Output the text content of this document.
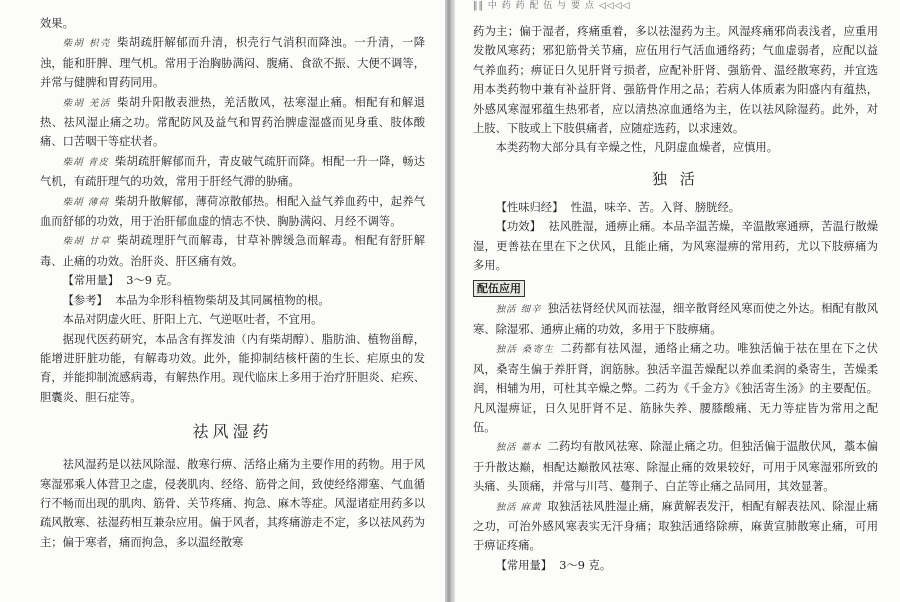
效果。

柴胡 枳壳 柴胡疏肝解郁而升清，枳壳行气消积而降浊。一升清，一降浊，能和肝脾、理气机。常用于治胸胁满闷、腹痛、食欲不振、大便不调等，并常与健脾和胃药同用。

柴胡 羌活 柴胡升阳散表泄热，羌活散风，祛寒湿止痛。相配有和解退热、祛风湿止痛之功。常配防风及益气和胃药治脾虚湿盛而见身重、肢体酸痛、口苦咽干等症状者。

柴胡 青皮 柴胡疏肝解郁而升，青皮破气疏肝而降。相配一升一降，畅达气机，有疏肝理气的功效，常用于肝经气滞的胁痛。

柴胡 薄荷 柴胡升散解郁，薄荷凉散郁热。相配入益气养血药中，起养气血而舒郁的功效，用于治肝郁血虚的情志不快、胸胁满闷、月经不调等。

柴胡 甘草 柴胡疏理肝气而解毒，甘草补脾缓急而解毒。相配有舒肝解毒、止痛的功效。治肝炎、肝区痛有效。

【常用量】 3～9 克。

【参考】 本品为伞形科植物柴胡及其同属植物的根。

本品对阴虚火旺、肝阳上亢、气逆呕吐者，不宜用。

据现代医药研究，本品含有挥发油（内有柴胡醇）、脂肪油、植物甾醇，能增进肝脏功能，有解毒功效。此外，能抑制结核杆菌的生长、疟原虫的发育，并能抑制流感病毒，有解热作用。现代临床上多用于治疗肝胆炎、疟疾、胆囊炎、胆石症等。

祛风湿药

祛风湿药是以祛风除湿、散寒行痹、活络止痛为主要作用的药物。用于风寒湿邪乘人体营卫之虚，侵袭肌肉、经络、筋骨之间，致使经络滞塞、气血循行不畅而出现的肌肉、筋骨、关节疼痛、拘急、麻木等症。风湿诸症用药多以疏风散寒、祛湿药相互兼杂应用。偏于风者，其疼痛游走不定，多以祛风药为主；偏于寒者，痛而拘急，多以温经散寒

‖‖ 中 药 药 配 伍 与 要 点 ◁◁◁◁

药为主；偏于湿者，疼痛重着，多以祛湿药为主。风湿疼痛邪尚表浅者，应重用发散风寒药；邪犯筋骨关节痛，应伍用行气活血通络药；气血虚弱者，应配以益气养血药；痹证日久见肝肾亏损者，应配补肝肾、强筋骨、温经散寒药，并宜选用本类药物中兼有补益肝肾、强筋骨作用之品；若病人体质素为阳盛内有蕴热，外感风寒湿邪蕴生热邪者，应以清热凉血通络为主，佐以祛风除湿药。此外，对上肢、下肢或上下肢俱痛者，应随症选药，以求速效。

本类药物大部分具有辛燥之性，凡阴虚血燥者，应慎用。

独 活

【性味归经】 性温，味辛、苦。入肾、膀胱经。

【功效】 祛风胜湿，通痹止痛。本品辛温苦燥，辛温散寒通痹，苦温行散燥湿，更善祛在里在下之伏风，且能止痛，为风寒湿痹的常用药，尤以下肢痹痛为多用。

配伍应用

独活 细辛 独活祛肾经伏风而祛湿，细辛散肾经风寒而使之外达。相配有散风寒、除湿邪、通痹止痛的功效，多用于下肢痹痛。

独活 桑寄生 二药都有祛风湿，通络止痛之功。唯独活偏于祛在里在下之伏风，桑寄生偏于养肝肾，润筋脉。独活辛温苦燥配以养血柔润的桑寄生，苦燥柔润，相辅为用，可杜其辛燥之弊。二药为《千金方》《独活寄生汤》的主要配伍。凡风湿痹证，日久见肝肾不足、筋脉失养、腰膝酸痛、无力等症皆为常用之配伍。

独活 藁本 二药均有散风祛寒、除湿止痛之功。但独活偏于温散伏风，藁本偏于升散达巅，相配达巅散风祛寒、除湿止痛的效果较好，可用于风寒湿邪所致的头痛、头顶痛，并常与川芎、蔓荆子、白芷等止痛之品同用，其效显著。

独活 麻黄 取独活祛风胜湿止痛，麻黄解表发汗，相配有解表祛风、除湿止痛之功，可治外感风寒表实无汗身痛；取独活通络除痹，麻黄宣肺散寒止痛，可用于痹证疼痛。

【常用量】 3～9 克。
